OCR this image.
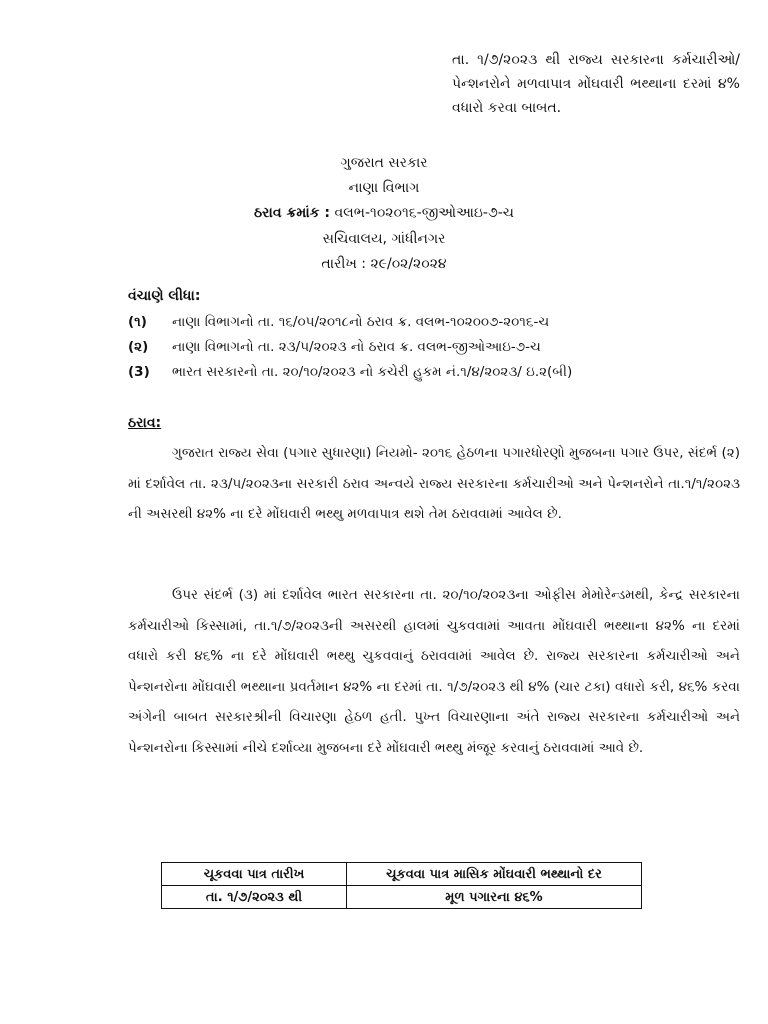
તા. ૧/૭/૨૦૨૩ થી રાજ્ય સરકારના કર્મચારીઓ/પેન્શનરોને મળવાપાત્ર મોંઘવારી ભથ્થાના દરમાં ૪% વધારો કરવા બાબત.

ગુજરાત સરકાર

નાણા વિભાગ

ઠરાવ ક્રમાંક : વલભ-૧૦૨૦૧૬-જીઓઆઇ-૭-ચ

સચિવાલય, ગાંધીનગર

તારીખ : ૨૯/૦૨/૨૦૨૪

વંચાણે લીધા:

(૧) નાણા વિભાગનો તા. ૧૬/૦૫/૨૦૧૮નો ઠરાવ ક્ર. વલભ-૧૦૨૦૦૭-૨૦૧૬-ચ
(૨) નાણા વિભાગનો તા. ૨૩/૫/૨૦૨૩ નો ઠરાવ ક્ર. વલભ-જીઓઆઇ-૭-ચ
(3) ભારત સરકારનો તા. ૨૦/૧૦/૨૦૨૩ નો કચેરી હુકમ નં.૧/૪/૨૦૨૩/ ઇ.૨(બી)

ઠરાવ:

ગુજરાત રાજ્ય સેવા (પગાર સુધારણા) નિયમો- ૨૦૧૬ હેઠળના પગારધોરણો મુજબના પગાર ઉપર, સંદર્ભ (૨) માં દર્શાવેલ તા. ૨૩/૫/૨૦૨૩ના સરકારી ઠરાવ અન્વયે રાજ્ય સરકારના કર્મચારીઓ અને પેન્શનરોને તા.૧/૧/૨૦૨૩ ની અસરથી ૪૨% ના દરે મોંઘવારી ભથ્થુ મળવાપાત્ર થશે તેમ ઠરાવવામાં આવેલ છે.

ઉપર સંદર્ભ (૩) માં દર્શાવેલ ભારત સરકારના તા. ૨૦/૧૦/૨૦૨૩ના ઓફીસ મેમોરેન્ડમથી, કેન્દ્ર સરકારના કર્મચારીઓ કિસ્સામાં, તા.૧/૭/૨૦૨૩ની અસરથી હાલમાં ચુકવવામાં આવતા મોંઘવારી ભથ્થાના ૪૨% ના દરમાં વધારો કરી ૪૬% ના દરે મોંઘવારી ભથ્થુ ચુકવવાનું ઠરાવવામાં આવેલ છે. રાજ્ય સરકારના કર્મચારીઓ અને પેન્શનરોના મોંઘવારી ભથ્થાના પ્રવર્તમાન ૪૨% ના દરમાં તા. ૧/૭/૨૦૨૩ થી ૪% (ચાર ટકા) વધારો કરી, ૪૬% કરવા અંગેની બાબત સરકારશ્રીની વિચારણા હેઠળ હતી. પુખ્ત વિચારણાના અંતે રાજ્ય સરકારના કર્મચારીઓ અને પેન્શનરોના કિસ્સામાં નીચે દર્શાવ્યા મુજબના દરે મોંઘવારી ભથ્થુ મંજૂર કરવાનું ઠરાવવામાં આવે છે.

ચૂકવવા પાત્ર તારીખ	ચૂકવવા પાત્ર માસિક મોંઘવારી ભથ્થાનો દર
તા. ૧/૭/૨૦૨૩ થી	મૂળ પગારના ૪૬%
